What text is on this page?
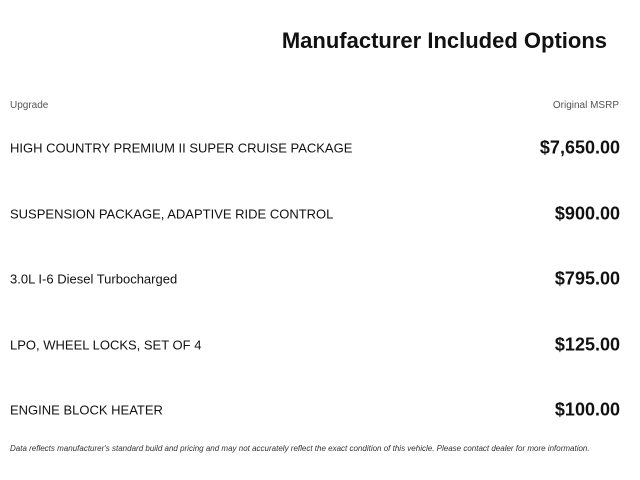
Manufacturer Included Options
Upgrade	Original MSRP
HIGH COUNTRY PREMIUM II SUPER CRUISE PACKAGE	$7,650.00
SUSPENSION PACKAGE, ADAPTIVE RIDE CONTROL	$900.00
3.0L I-6 Diesel Turbocharged	$795.00
LPO, WHEEL LOCKS, SET OF 4	$125.00
ENGINE BLOCK HEATER	$100.00
Data reflects manufacturer's standard build and pricing and may not accurately reflect the exact condition of this vehicle. Please contact dealer for more information.
